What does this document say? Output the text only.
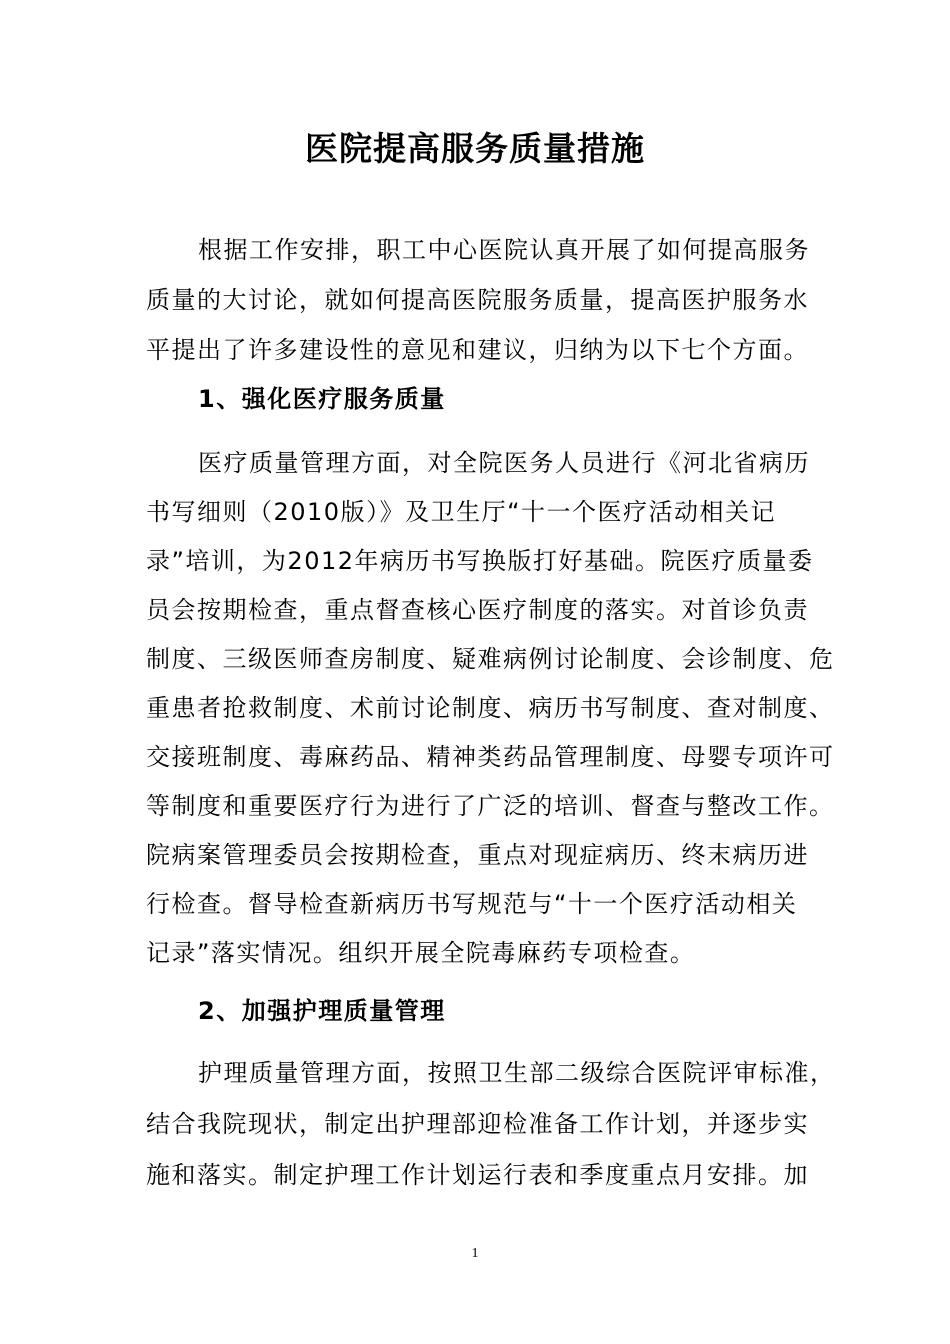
医院提高服务质量措施
根据工作安排，职工中心医院认真开展了如何提高服务
质量的大讨论，就如何提高医院服务质量，提高医护服务水
平提出了许多建设性的意见和建议，归纳为以下七个方面。
1、强化医疗服务质量
医疗质量管理方面，对全院医务人员进行《河北省病历
书写细则（2010版）》及卫生厅“十一个医疗活动相关记
录”培训，为2012年病历书写换版打好基础。院医疗质量委
员会按期检查，重点督查核心医疗制度的落实。对首诊负责
制度、三级医师查房制度、疑难病例讨论制度、会诊制度、危
重患者抢救制度、术前讨论制度、病历书写制度、查对制度、
交接班制度、毒麻药品、精神类药品管理制度、母婴专项许可
等制度和重要医疗行为进行了广泛的培训、督查与整改工作。
院病案管理委员会按期检查，重点对现症病历、终末病历进
行检查。督导检查新病历书写规范与“十一个医疗活动相关
记录”落实情况。组织开展全院毒麻药专项检查。
2、加强护理质量管理
护理质量管理方面，按照卫生部二级综合医院评审标准，
结合我院现状，制定出护理部迎检准备工作计划，并逐步实
施和落实。制定护理工作计划运行表和季度重点月安排。加
1
